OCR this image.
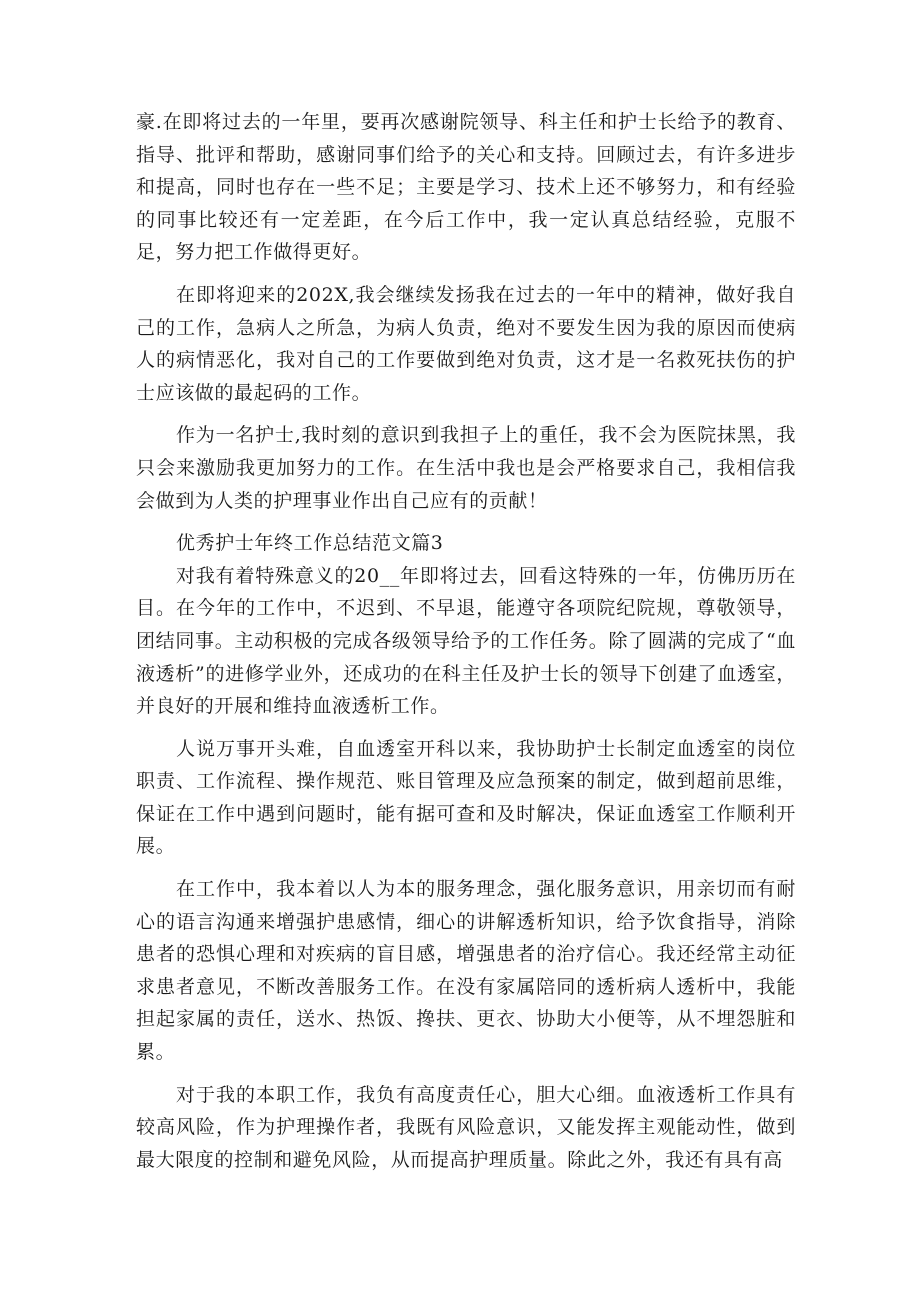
豪.在即将过去的一年里，要再次感谢院领导、科主任和护士长给予的教育、指导、批评和帮助，感谢同事们给予的关心和支持。回顾过去，有许多进步和提高，同时也存在一些不足；主要是学习、技术上还不够努力，和有经验的同事比较还有一定差距，在今后工作中，我一定认真总结经验，克服不足，努力把工作做得更好。

在即将迎来的202X,我会继续发扬我在过去的一年中的精神，做好我自己的工作，急病人之所急，为病人负责，绝对不要发生因为我的原因而使病人的病情恶化，我对自己的工作要做到绝对负责，这才是一名救死扶伤的护士应该做的最起码的工作。

作为一名护士,我时刻的意识到我担子上的重任，我不会为医院抹黑，我只会来激励我更加努力的工作。在生活中我也是会严格要求自己，我相信我会做到为人类的护理事业作出自己应有的贡献！

优秀护士年终工作总结范文篇3

对我有着特殊意义的20__年即将过去，回看这特殊的一年，仿佛历历在目。在今年的工作中，不迟到、不早退，能遵守各项院纪院规，尊敬领导，团结同事。主动积极的完成各级领导给予的工作任务。除了圆满的完成了“血液透析”的进修学业外，还成功的在科主任及护士长的领导下创建了血透室，并良好的开展和维持血液透析工作。

人说万事开头难，自血透室开科以来，我协助护士长制定血透室的岗位职责、工作流程、操作规范、账目管理及应急预案的制定，做到超前思维，保证在工作中遇到问题时，能有据可查和及时解决，保证血透室工作顺利开展。

在工作中，我本着以人为本的服务理念，强化服务意识，用亲切而有耐心的语言沟通来增强护患感情，细心的讲解透析知识，给予饮食指导，消除患者的恐惧心理和对疾病的盲目感，增强患者的治疗信心。我还经常主动征求患者意见，不断改善服务工作。在没有家属陪同的透析病人透析中，我能担起家属的责任，送水、热饭、搀扶、更衣、协助大小便等，从不埋怨脏和累。

对于我的本职工作，我负有高度责任心，胆大心细。血液透析工作具有较高风险，作为护理操作者，我既有风险意识，又能发挥主观能动性，做到最大限度的控制和避免风险，从而提高护理质量。除此之外，我还有具有高
